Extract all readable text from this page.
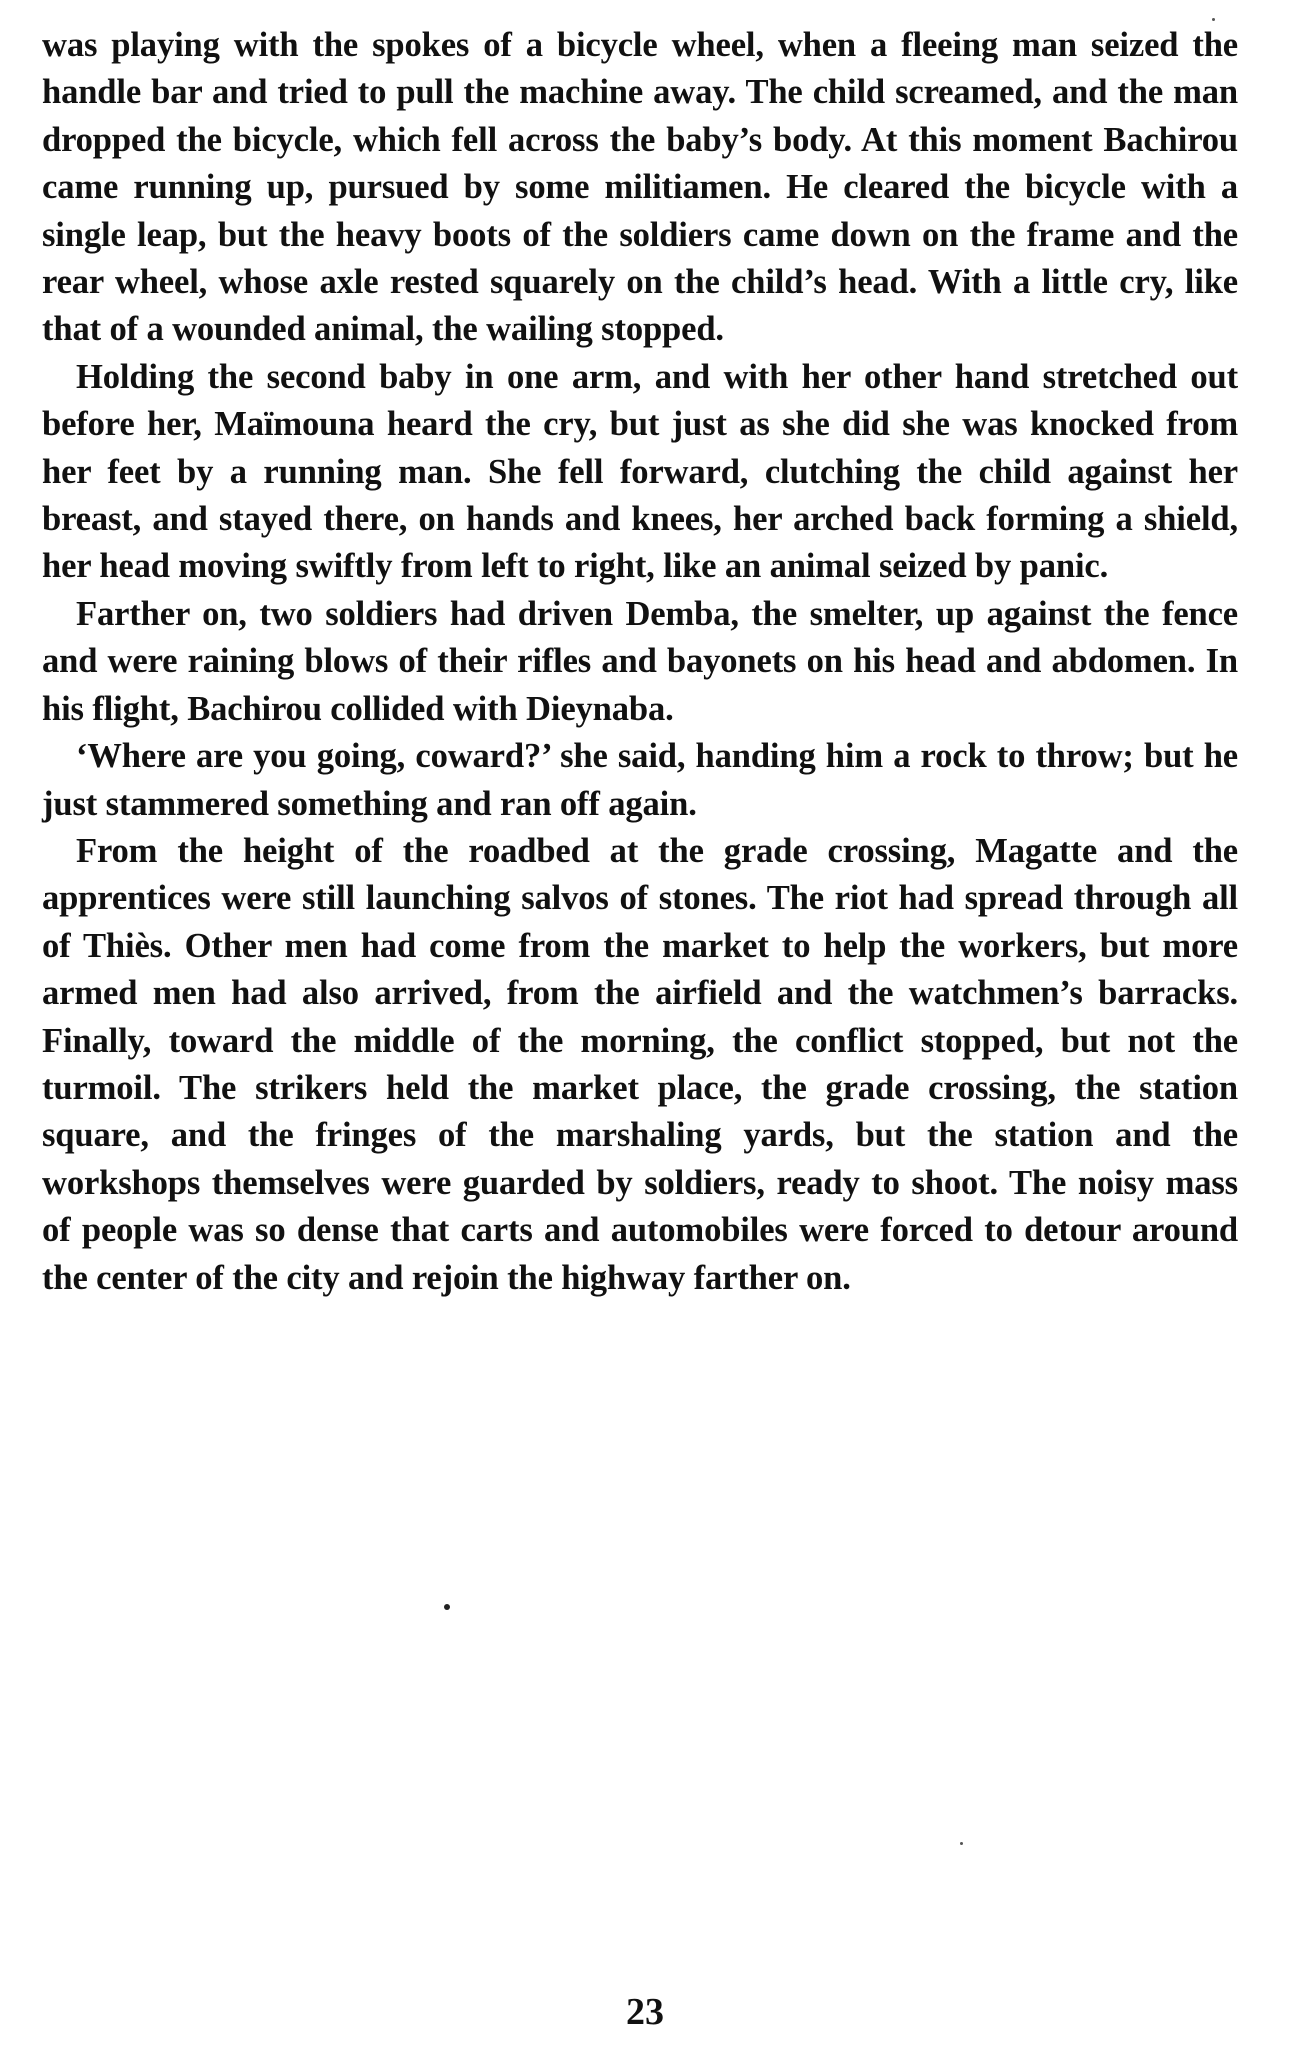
was playing with the spokes of a bicycle wheel, when a fleeing man seized the handle bar and tried to pull the machine away. The child screamed, and the man dropped the bicycle, which fell across the baby’s body. At this moment Bachirou came running up, pursued by some militiamen. He cleared the bicycle with a single leap, but the heavy boots of the soldiers came down on the frame and the rear wheel, whose axle rested squarely on the child’s head. With a little cry, like that of a wounded animal, the wailing stopped.

Holding the second baby in one arm, and with her other hand stretched out before her, Maïmouna heard the cry, but just as she did she was knocked from her feet by a running man. She fell forward, clutching the child against her breast, and stayed there, on hands and knees, her arched back forming a shield, her head moving swiftly from left to right, like an animal seized by panic.

Farther on, two soldiers had driven Demba, the smelter, up against the fence and were raining blows of their rifles and bayonets on his head and abdomen. In his flight, Bachirou collided with Dieynaba.

‘Where are you going, coward?’ she said, handing him a rock to throw; but he just stammered something and ran off again.

From the height of the roadbed at the grade crossing, Magatte and the apprentices were still launching salvos of stones. The riot had spread through all of Thiès. Other men had come from the market to help the workers, but more armed men had also arrived, from the airfield and the watchmen’s barracks. Finally, toward the middle of the morning, the conflict stopped, but not the turmoil. The strikers held the market place, the grade crossing, the station square, and the fringes of the marshaling yards, but the station and the workshops themselves were guarded by soldiers, ready to shoot. The noisy mass of people was so dense that carts and automobiles were forced to detour around the center of the city and rejoin the highway farther on.

23
